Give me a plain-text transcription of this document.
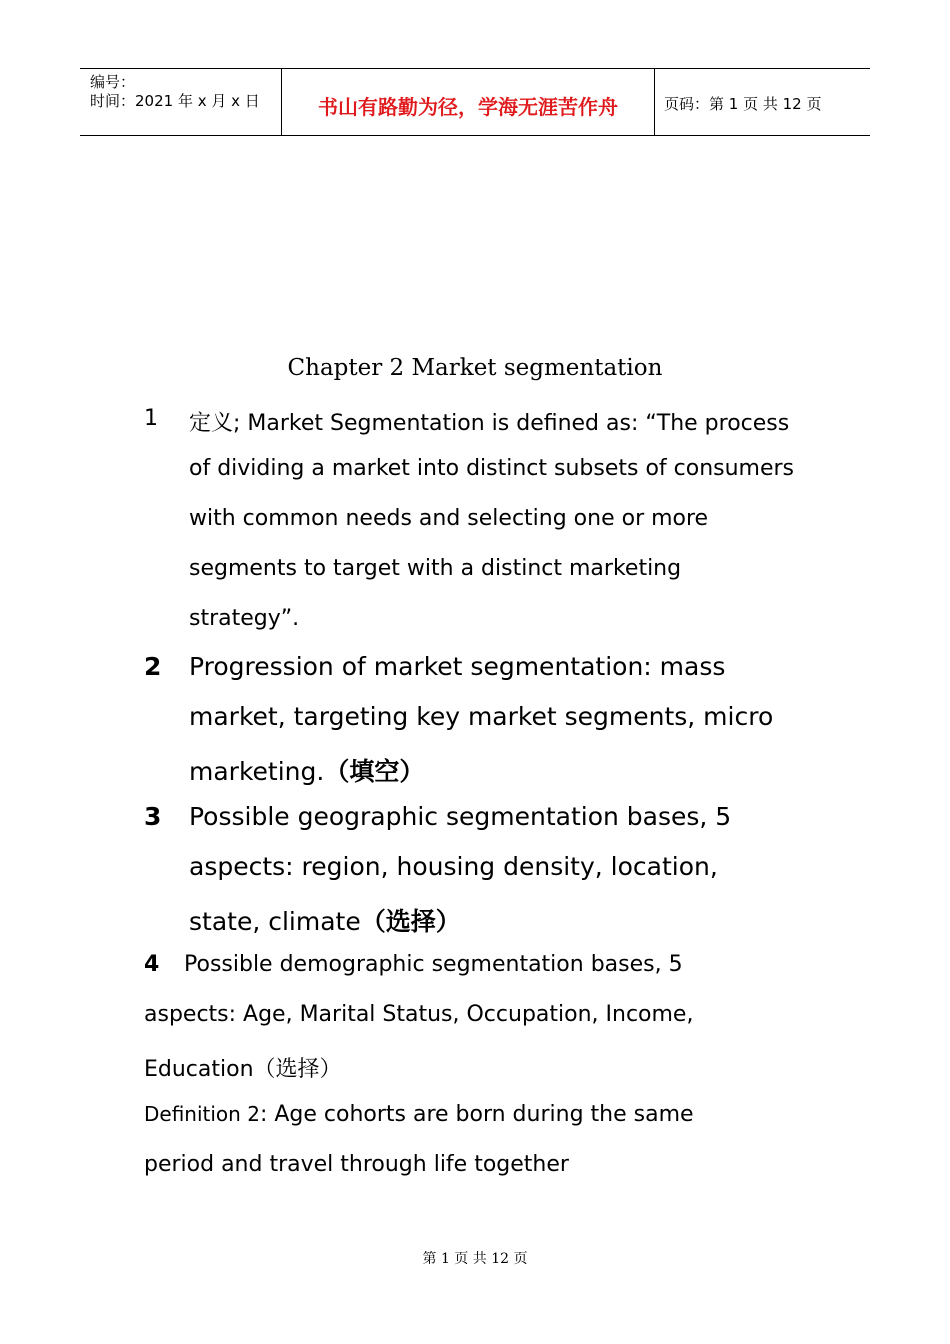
编号：
时间：2021 年 x 月 x 日	书山有路勤为径，学海无涯苦作舟	页码：第 1 页 共 12 页
Chapter 2 Market segmentation
1 定义; Market Segmentation is defined as: “The process
of dividing a market into distinct subsets of consumers
with common needs and selecting one or more
segments to target with a distinct marketing
strategy”.
2 Progression of market segmentation: mass
market, targeting key market segments, micro
marketing.（填空）
3 Possible geographic segmentation bases, 5
aspects: region, housing density, location,
state, climate（选择）
4 Possible demographic segmentation bases, 5
aspects: Age, Marital Status, Occupation, Income,
Education（选择）
Definition 2: Age cohorts are born during the same
period and travel through life together
第 1 页 共 12 页
